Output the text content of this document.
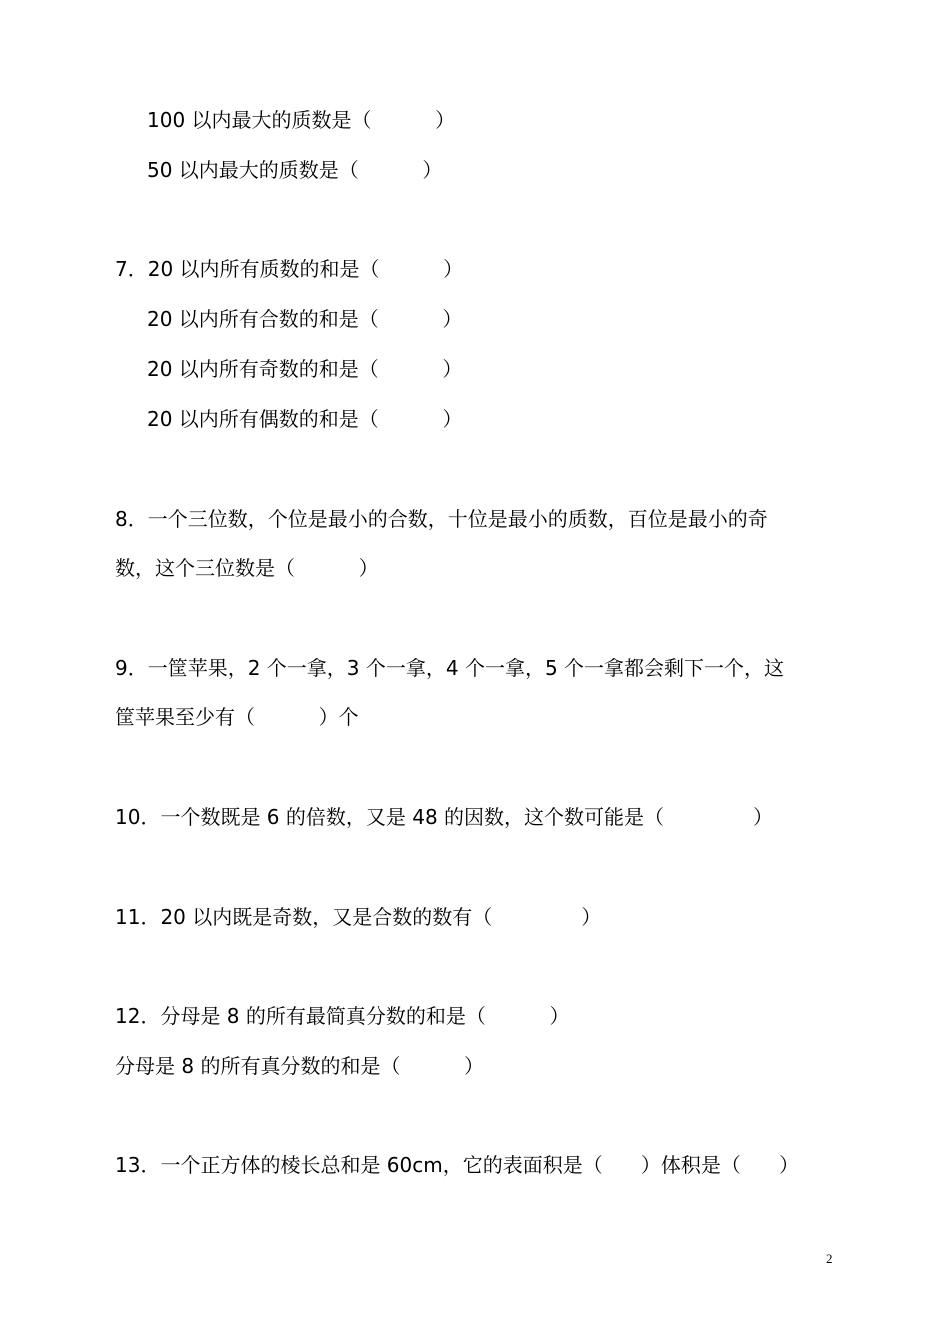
100 以内最大的质数是（          ）

50 以内最大的质数是（          ）

7．20 以内所有质数的和是（          ）

20 以内所有合数的和是（          ）

20 以内所有奇数的和是（          ）

20 以内所有偶数的和是（          ）

8．一个三位数，个位是最小的合数，十位是最小的质数，百位是最小的奇

数，这个三位数是（          ）

9．一筐苹果，2 个一拿，3 个一拿，4 个一拿，5 个一拿都会剩下一个，这

筐苹果至少有（          ）个

10．一个数既是 6 的倍数，又是 48 的因数，这个数可能是（              ）

11．20 以内既是奇数，又是合数的数有（              ）

12．分母是 8 的所有最简真分数的和是（          ）

分母是 8 的所有真分数的和是（          ）

13．一个正方体的棱长总和是 60cm，它的表面积是（      ）体积是（      ）

2
